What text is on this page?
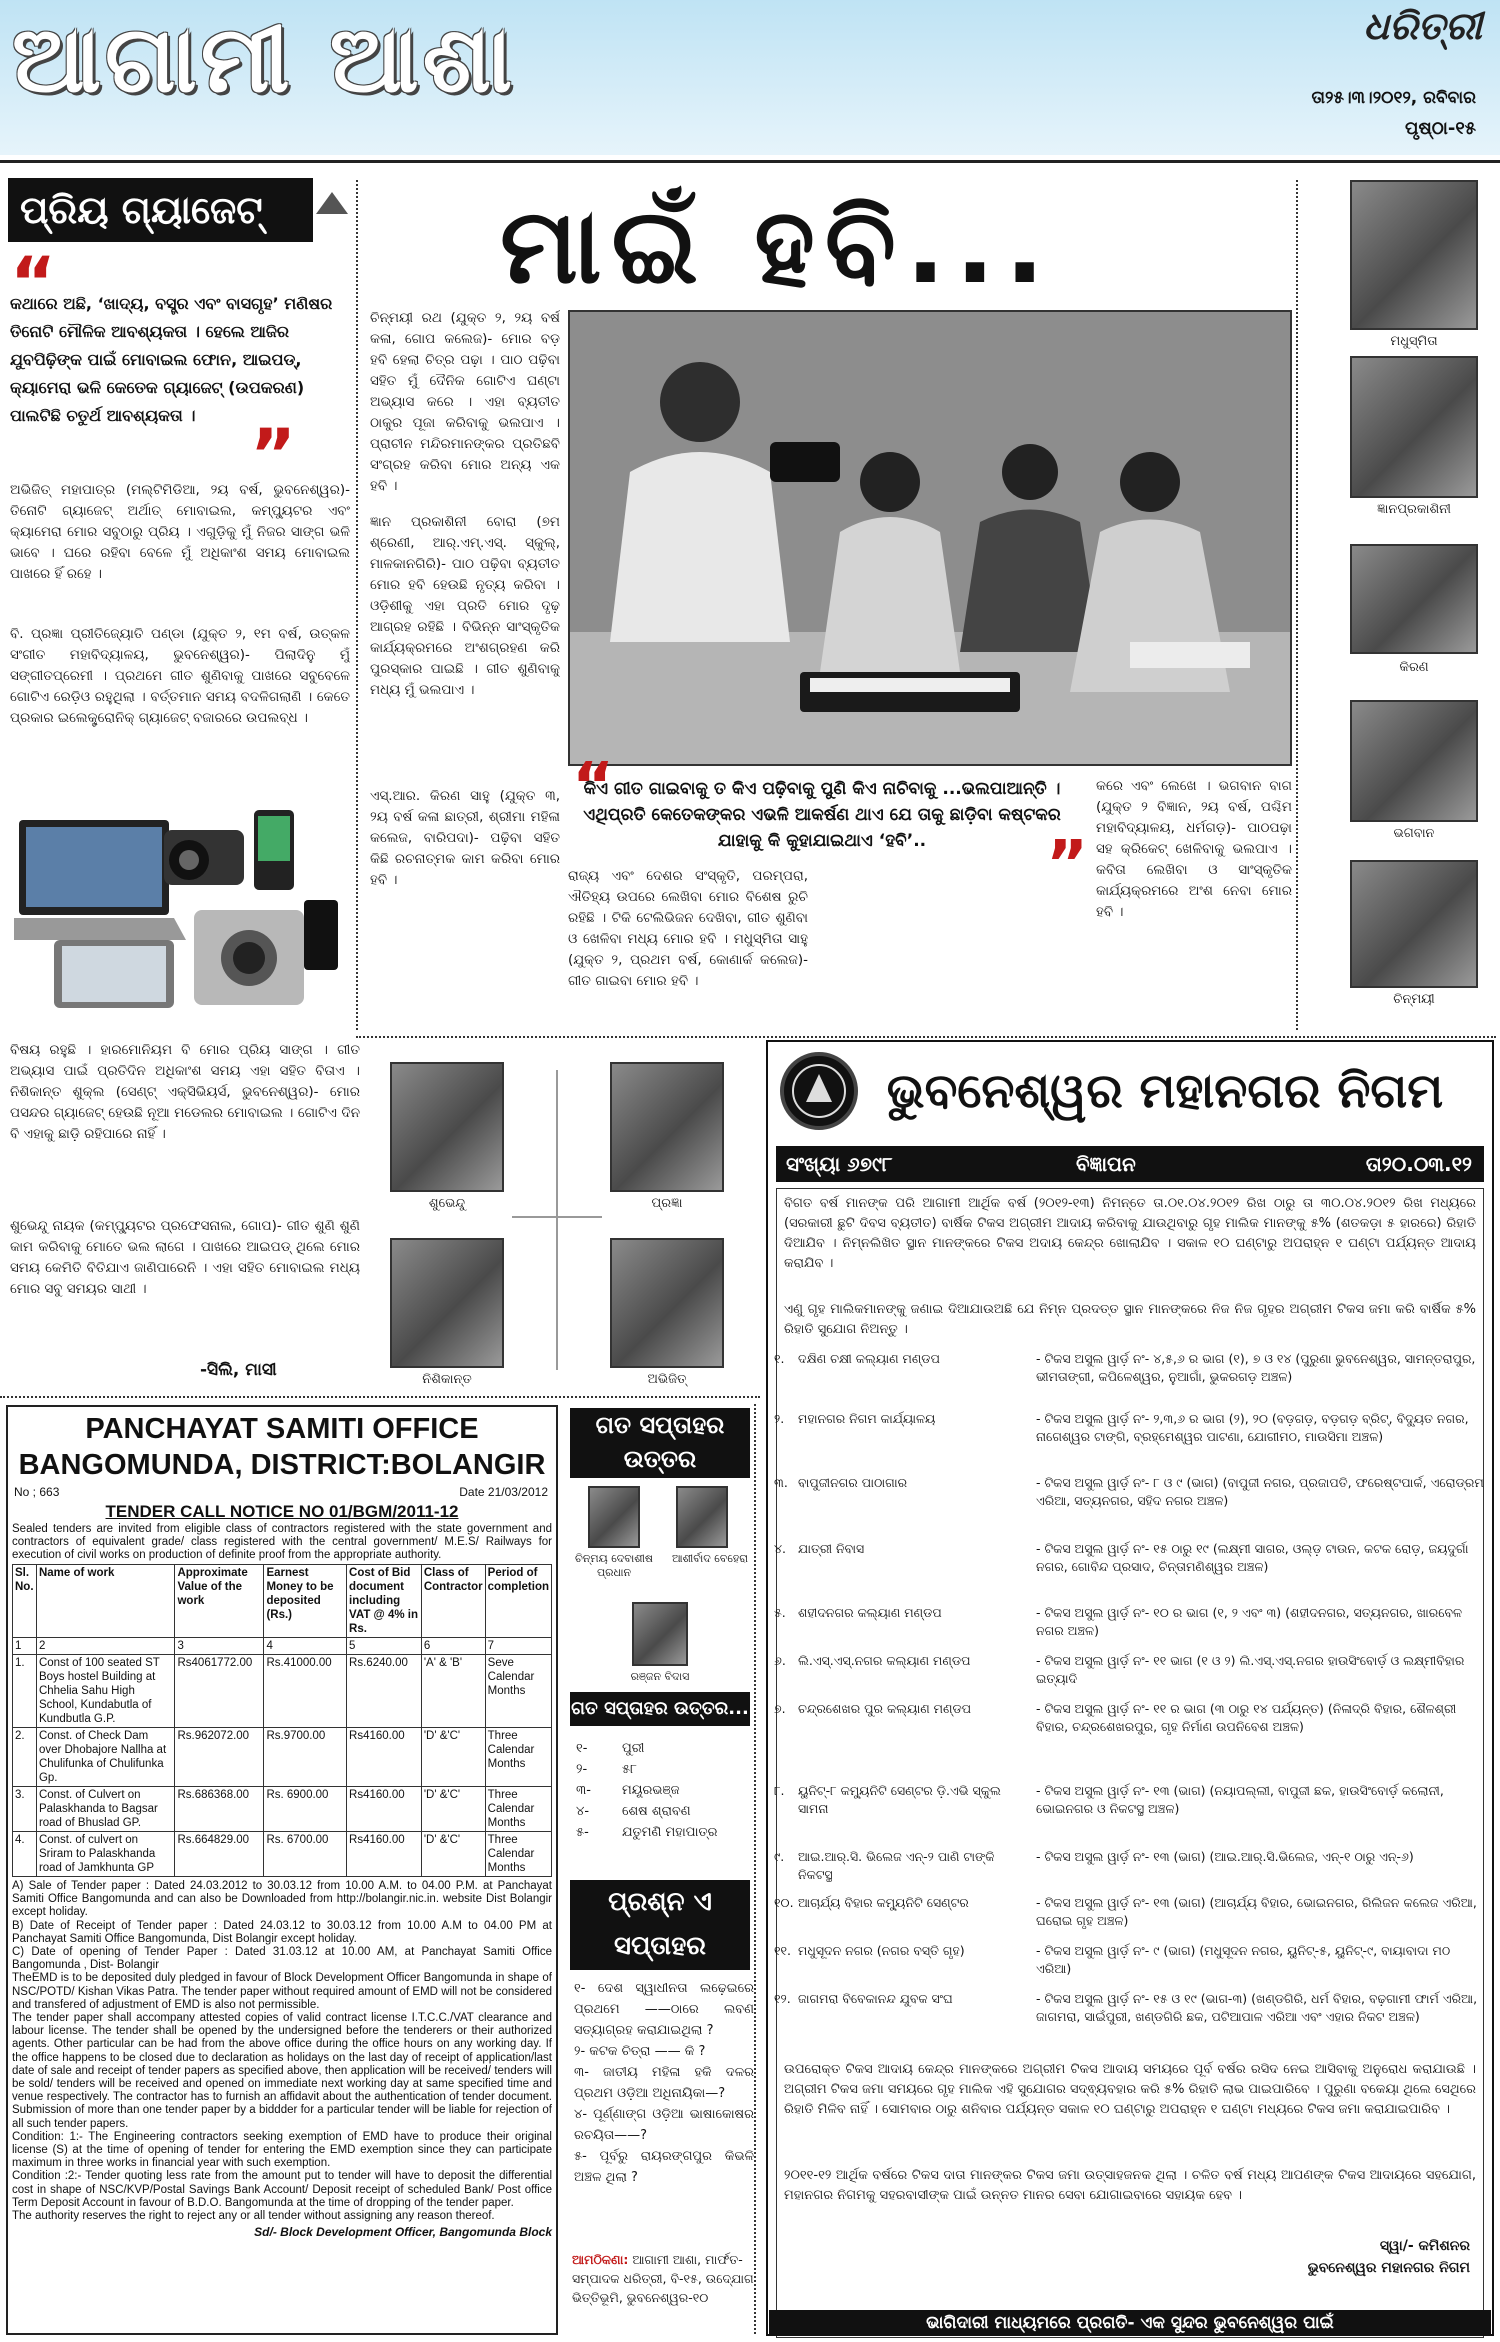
ଆଗାମୀ ଆଶା	ଧରିତ୍ରୀ
ତା୨୫।୩।୨୦୧୨, ରବିବାର
ପୃଷ୍ଠା-୧୫
ପ୍ରିୟ ଗ୍ୟାଜେଟ୍
“
କଥାରେ ଅଛି, ‘ଖାଦ୍ୟ, ବସ୍ତ୍ର ଏବଂ ବାସଗୃହ’ ମଣିଷର ତିନୋଟି ମୌଳିକ ଆବଶ୍ୟକତା । ହେଲେ ଆଜିର ଯୁବପିଢ଼ିଙ୍କ ପାଇଁ ମୋବାଇଲ ଫୋନ, ଆଇପଡ୍, କ୍ୟାମେରା ଭଳି କେତେକ ଗ୍ୟାଜେଟ୍ (ଉପକରଣ) ପାଲଟିଛି ଚତୁର୍ଥ ଆବଶ୍ୟକତା । ”
ଅଭିଜିତ୍ ମହାପାତ୍ର (ମଲ୍ଟିମିଡିଆ, ୨ୟ ବର୍ଷ, ଭୁବନେଶ୍ୱର)- ତିନୋଟି ଗ୍ୟାଜେଟ୍ ଅର୍ଥାତ୍ ମୋବାଇଲ, କମ୍ପ୍ୟୁଟର ଏବଂ କ୍ୟାମେରା ମୋର ସବୁଠାରୁ ପ୍ରିୟ । ଏଗୁଡ଼ିକୁ ମୁଁ ନିଜର ସାଙ୍ଗ ଭଳି ଭାବେ । ଘରେ ରହିବା ବେଳେ ମୁଁ ଅଧିକାଂଶ ସମୟ ମୋବାଇଲ ପାଖରେ ହିଁ ରହେ ।
ବି. ପ୍ରଜ୍ଞା ପ୍ରୀତିଜ୍ୟୋତି ପଣ୍ଡା (ଯୁକ୍ତ ୨, ୧ମ ବର୍ଷ, ଉତ୍କଳ ସଂଗୀତ ମହାବିଦ୍ୟାଳୟ, ଭୁବନେଶ୍ୱର)- ପିଲାଦିନୁ ମୁଁ ସଙ୍ଗୀତପ୍ରେମୀ । ପ୍ରଥମେ ଗୀତ ଶୁଣିବାକୁ ପାଖରେ ସବୁବେଳେ ଗୋଟିଏ ରେଡ଼ିଓ ରହୁଥିଲା । ବର୍ତ୍ତମାନ ସମୟ ବଦଳିଗଲାଣି । କେତେ ପ୍ରକାର ଇଲେକ୍ଟ୍ରୋନିକ୍ ଗ୍ୟାଜେଟ୍ ବଜାରରେ ଉପଲବ୍ଧ ।
ବିଷୟ ରହୁଛି । ହାରମୋନିୟମ ବି ମୋର ପ୍ରିୟ ସାଙ୍ଗ । ଗୀତ ଅଭ୍ୟାସ ପାଇଁ ପ୍ରତିଦିନ ଅଧିକାଂଶ ସମୟ ଏହା ସହିତ ବିତାଏ । ନିଶିକାନ୍ତ ଶୁକ୍ଲ (ସେଣ୍ଟ୍ ଏକ୍ସିଭିୟର୍ସ, ଭୁବନେଶ୍ୱର)- ମୋର ପସନ୍ଦର ଗ୍ୟାଜେଟ୍ ହେଉଛି ନୂଆ ମଡେଲର ମୋବାଇଲ । ଗୋଟିଏ ଦିନ ବି ଏହାକୁ ଛାଡ଼ି ରହିପାରେ ନାହିଁ ।
ଶୁଭେନ୍ଦୁ ନାୟକ (କମ୍ପ୍ୟୁଟର ପ୍ରଫେସନାଲ, ଗୋପ)- ଗୀତ ଶୁଣି ଶୁଣି କାମ କରିବାକୁ ମୋତେ ଭଲ ଲାଗେ । ପାଖରେ ଆଇପଡ୍ ଥିଲେ ମୋର ସମୟ କେମିତି ବିତିଯାଏ ଜାଣିପାରେନି । ଏହା ସହିତ ମୋବାଇଲ ମଧ୍ୟ ମୋର ସବୁ ସମୟର ସାଥୀ ।
-ସିଲି, ମାସୀ
ଶୁଭେନ୍ଦୁ	ପ୍ରଜ୍ଞା
ନିଶିକାନ୍ତ	ଅଭିଜିତ୍
ମାଇଁ ହବି...
ଚିନ୍ମୟୀ ରଥ (ଯୁକ୍ତ ୨, ୨ୟ ବର୍ଷ କଳା, ଗୋପ କଲେଜ)- ମୋର ବଡ଼ ହବି ହେଲା ଚିତ୍ର ପଢ଼ା । ପାଠ ପଢ଼ିବା ସହିତ ମୁଁ ଦୈନିକ ଗୋଟିଏ ଘଣ୍ଟା ଅଭ୍ୟାସ କରେ । ଏହା ବ୍ୟତୀତ ଠାକୁର ପୂଜା କରିବାକୁ ଭଲପାଏ । ପ୍ରାଚୀନ ମନ୍ଦିରମାନଙ୍କର ପ୍ରତିଛବି ସଂଗ୍ରହ କରିବା ମୋର ଅନ୍ୟ ଏକ ହବି ।
ଜ୍ଞାନ ପ୍ରକାଶିନୀ ବୋରା (୭ମ ଶ୍ରେଣୀ, ଆର୍.ଏମ୍.ଏସ୍. ସ୍କୁଲ୍, ମାଳକାନଗିରି)- ପାଠ ପଢ଼ିବା ବ୍ୟତୀତ ମୋର ହବି ହେଉଛି ନୃତ୍ୟ କରିବା । ଓଡ଼ିଶୀକୁ ଏହା ପ୍ରତି ମୋର ଦୃଢ଼ ଆଗ୍ରହ ରହିଛି । ବିଭିନ୍ନ ସାଂସ୍କୃତିକ କାର୍ଯ୍ୟକ୍ରମରେ ଅଂଶଗ୍ରହଣ କରି ପୁରସ୍କାର ପାଇଛି । ଗୀତ ଶୁଣିବାକୁ ମଧ୍ୟ ମୁଁ ଭଲପାଏ ।
ଏସ୍.ଆର. କିରଣ ସାହୁ (ଯୁକ୍ତ ୩, ୨ୟ ବର୍ଷ କଳା ଛାତ୍ରୀ, ଶ୍ରୀମା ମହିଳା କଲେଜ, ବାରିପଦା)- ପଢ଼ିବା ସହିତ କିଛି ରଚନାତ୍ମକ କାମ କରିବା ମୋର ହବି ।
“
କିଏ ଗୀତ ଗାଇବାକୁ ତ କିଏ ପଢ଼ିବାକୁ ପୁଣି କିଏ ନାଚିବାକୁ ...ଭଲପାଆନ୍ତି । ଏଥିପ୍ରତି କେତେକଙ୍କର ଏଭଳି ଆକର୍ଷଣ ଥାଏ ଯେ ତାକୁ ଛାଡ଼ିବା କଷ୍ଟକର ଯାହାକୁ କି କୁହାଯାଇଥାଏ ‘ହବି’..	”
ରାଜ୍ୟ ଏବଂ ଦେଶର ସଂସ୍କୃତି, ପରମ୍ପରା, ଐତିହ୍ୟ ଉପରେ ଲେଖିବା ମୋର ବିଶେଷ ରୁଚି ରହିଛି । ଟିକି ଟେଲିଭିଜନ ଦେଖିବା, ଗୀତ ଶୁଣିବା ଓ ଖେଳିବା ମଧ୍ୟ ମୋର ହବି । ମଧୁସ୍ମିତା ସାହୁ (ଯୁକ୍ତ ୨, ପ୍ରଥମ ବର୍ଷ, କୋଣାର୍କ କଲେଜ)- ଗୀତ ଗାଇବା ମୋର ହବି ।
କରେ ଏବଂ ଲେଖେ । ଭଗବାନ ବାଗ (ଯୁକ୍ତ ୨ ବିଜ୍ଞାନ, ୨ୟ ବର୍ଷ, ପଶ୍ଚିମ ମହାବିଦ୍ୟାଳୟ, ଧର୍ମଗଡ଼)- ପାଠପଢ଼ା ସହ କ୍ରିକେଟ୍ ଖେଳିବାକୁ ଭଲପାଏ । କବିତା ଲେଖିବା ଓ ସାଂସ୍କୃତିକ କାର୍ଯ୍ୟକ୍ରମରେ ଅଂଶ ନେବା ମୋର ହବି ।
ମଧୁସ୍ମିତା
ଜ୍ଞାନପ୍ରକାଶିନୀ
କିରଣ
ଭଗବାନ
ଚିନ୍ମୟୀ
PANCHAYAT SAMITI OFFICE
BANGOMUNDA, DISTRICT:BOLANGIR
No ; 663	Date 21/03/2012
TENDER CALL NOTICE NO 01/BGM/2011-12
Sealed tenders are invited from eligible class of contractors registered with the state government and contractors of equivalent grade/ class registered with the central government/ M.E.S/ Railways for execution of civil works on production of definite proof from the appropriate authority.
Sl. No.	Name of work	Approximate Value of the work	Earnest Money to be deposited (Rs.)	Cost of Bid document including VAT @ 4% in Rs.	Class of Contractor	Period of completion
1	2	3	4	5	6	7
1.	Const of 100 seated ST Boys hostel Building at Chhelia Sahu High School, Kundabutla of Kundbutla G.P.	Rs4061772.00	Rs.41000.00	Rs.6240.00	'A' & 'B'	Seve Calendar Months
2.	Const. of Check Dam over Dhobajore Nallha at Chulifunka of Chulifunka Gp.	Rs.962072.00	Rs.9700.00	Rs4160.00	'D' &'C'	Three Calendar Months
3.	Const. of Culvert on Palaskhanda to Bagsar road of Bhuslad GP.	Rs.686368.00	Rs. 6900.00	Rs4160.00	'D' &'C'	Three Calendar Months
4.	Const. of culvert on Sriram to Palaskhanda road of Jamkhunta GP	Rs.664829.00	Rs. 6700.00	Rs4160.00	'D' &'C'	Three Calendar Months
A) Sale of Tender paper : Dated 24.03.2012 to 30.03.12 from 10.00 A.M. to 04.00 P.M. at Panchayat Samiti Office Bangomunda and can also be Downloaded from http://bolangir.nic.in. website Dist Bolangir except holiday.
B) Date of Receipt of Tender paper : Dated 24.03.12 to 30.03.12 from 10.00 A.M to 04.00 PM at Panchayat Samiti Office Bangomunda, Dist Bolangir except holiday.
C) Date of opening of Tender Paper : Dated 31.03.12 at 10.00 AM, at Panchayat Samiti Office Bangomunda , Dist- Bolangir
TheEMD is to be deposited duly pledged in favour of Block Development Officer Bangomunda in shape of NSC/POTD/ Kishan Vikas Patra. The tender paper without required amount of EMD will not be considered and transfered of adjustment of EMD is also not permissible.
The tender paper shall accompany attested copies of valid contract license I.T.C.C./VAT clearance and labour license. The tender shall be opened by the undersigned before the tenderers or their authorized agents. Other particular can be had from the above office during the office hours on any working day. If the office happens to be closed due to declaration as holidays on the last day of receipt of application/last date of sale and receipt of tender papers as specified above, then application will be received/ tenders will be sold/ tenders will be received and opened on immediate next working day at same specified time and venue respectively. The contractor has to furnish an affidavit about the authentication of tender document. Submission of more than one tender paper by a biddder for a particular tender will be liable for rejection of all such tender papers.
Condition: 1:- The Engineering contractors seeking exemption of EMD have to produce their original license (S) at the time of opening of tender for entering the EMD exemption since they can participate maximum in three works in financial year with such exemption.
Condition :2:- Tender quoting less rate from the amount put to tender will have to deposit the differential cost in shape of NSC/KVP/Postal Savings Bank Account/ Deposit receipt of scheduled Bank/ Post office Term Deposit Account in favour of B.D.O. Bangomunda at the time of dropping of the tender paper.
The authority reserves the right to reject any or all tender without assigning any reason thereof.
Sd/- Block Development Officer, Bangomunda Block
ଗତ ସପ୍ତାହର ଉତ୍ତର
ଚିନ୍ମୟ ଦେବାଶୀଷ ପ୍ରଧାନ
ଆଶୀର୍ବାଦ ବେହେରା
ରଞ୍ଜନ ବିଦାସ
ଗତ ସପ୍ତାହର ଉତ୍ତର...
୧-	ପୁରୀ
୨-	୫୮
୩- ମୟୂରଭଞ୍ଜ
୪-	ଶେଷ ଶ୍ରାବଣ
୫-	ଯତୁମଣି ମହାପାତ୍ର
ପ୍ରଶ୍ନ ଏ ସପ୍ତାହର
୧- ଦେଶ ସ୍ୱାଧୀନତା ଲଢ଼େଇରେ ପ୍ରଥମେ ——ଠାରେ ଲବଣ ସତ୍ୟାଗ୍ରହ କରାଯାଇଥିଲା ?
୨- କଟକ ଚିତ୍ରା —— କି ?
୩- ଜାତୀୟ ମହିଳା ହକି ଦଳର ପ୍ରଥମ ଓଡ଼ିଆ ଅଧିନାୟିକା—?
୪- ପୂର୍ଣ୍ଣାଙ୍ଗ ଓଡ଼ିଆ ଭାଷାକୋଷର ରଚୟିତା——?
୫- ପୂର୍ବରୁ ରାୟରଙ୍ଗପୁର କିଭଳି ଅଞ୍ଚଳ ଥିଲା ?
ଆମଠିକଣା: ଆଗାମୀ ଆଶା, ମାର୍ଫତ- ସମ୍ପାଦକ ଧରିତ୍ରୀ, ବି-୧୫, ଉଦ୍ଯୋଗ ଭିତ୍ତିଭୂମି, ଭୁବନେଶ୍ୱର-୧୦
ଭୁବନେଶ୍ୱର ମହାନଗର ନିଗମ
ସଂଖ୍ୟା ୬୭୯୮	ବିଜ୍ଞାପନ	ତା୨୦.୦୩.୧୨
ବିଗତ ବର୍ଷ ମାନଙ୍କ ପରି ଆଗାମୀ ଆର୍ଥିକ ବର୍ଷ (୨୦୧୨-୧୩) ନିମନ୍ତେ ତା.୦୧.୦୪.୨୦୧୨ ରିଖ ଠାରୁ ତା ୩୦.୦୪.୨୦୧୨ ରିଖ ମଧ୍ୟରେ (ସରକାରୀ ଛୁଟି ଦିବସ ବ୍ୟତୀତ) ବାର୍ଷିକ ଟିକସ ଅଗ୍ରୀମ ଆଦାୟ କରିବାକୁ ଯାଉଥିବାରୁ ଗୃହ ମାଲିକ ମାନଙ୍କୁ ୫% (ଶତକଡ଼ା ୫ ହାରରେ) ରିହାତି ଦିଆଯିବ । ନିମ୍ନଲିଖିତ ସ୍ଥାନ ମାନଙ୍କରେ ଟିକସ ଅଦାୟ କେନ୍ଦ୍ର ଖୋଲାଯିବ । ସକାଳ ୧୦ ଘଣ୍ଟାରୁ ଅପରାହ୍ନ ୧ ଘଣ୍ଟା ପର୍ଯ୍ୟନ୍ତ ଆଦାୟ କରାଯିବ ।
ଏଣୁ ଗୃହ ମାଲିକମାନଙ୍କୁ ଜଣାଇ ଦିଆଯାଉଅଛି ଯେ ନିମ୍ନ ପ୍ରଦତ୍ତ ସ୍ଥାନ ମାନଙ୍କରେ ନିଜ ନିଜ ଗୃହର ଅଗ୍ରୀମ ଟିକସ ଜମା କରି ବାର୍ଷିକ ୫% ରିହାତି ସୁଯୋଗ ନିଅନ୍ତୁ ।
୧.	ଦକ୍ଷିଣ ଚକ୍ଷୀ କଲ୍ୟାଣ ମଣ୍ଡପ	- ଟିକସ ଅସୁଲ ୱାର୍ଡ଼ ନଂ- ୪,୫,୬ ର ଭାଗ (୧), ୭ ଓ ୧୪ (ପୁରୁଣା ଭୁବନେଶ୍ୱର, ସାମନ୍ତରାପୁର, ଭୀମତାଙ୍ଗୀ, କପିଳେଶ୍ୱର, ନୁଆଗାଁ, ଭୁକରଗଡ଼ ଅଞ୍ଚଳ)
୨.	ମହାନଗର ନିଗମ କାର୍ଯ୍ୟାଳୟ	- ଟିକସ ଅସୁଲ ୱାର୍ଡ଼ ନଂ- ୨,୩,୬ ର ଭାଗ (୨), ୨୦ (ବଡ଼ଗଡ଼, ବଡ଼ଗଡ଼ ବ୍ରିଟ୍, ବିଦ୍ୟୁତ ନଗର, ନାଗେଶ୍ୱର ଟାଙ୍ଗି, ବ୍ରହ୍ମେଶ୍ୱର ପାଟଣା, ଯୋଗୀମଠ, ମାଉସିମା ଅଞ୍ଚଳ)
୩. ବାପୁଜୀନଗର ପାଠାଗାର	- ଟିକସ ଅସୁଲ ୱାର୍ଡ଼ ନଂ- ୮ ଓ ୯ (ଭାଗ) (ବାପୁଜୀ ନଗର, ପ୍ରଜାପତି, ଫରେଷ୍ଟପାର୍କ, ଏରୋଡ୍ରମ ଏରିଆ, ସତ୍ୟନଗର, ସହିଦ ନଗର ଅଞ୍ଚଳ)
୪. ଯାତ୍ରୀ ନିବାସ	- ଟିକସ ଅସୁଲ ୱାର୍ଡ଼ ନଂ- ୧୫ ଠାରୁ ୧୯ (ଲକ୍ଷ୍ମୀ ସାଗର, ଓଲ୍ଡ଼ ଟାଉନ, କଟକ ରୋଡ଼, ଜୟଦୁର୍ଗା ନଗର, ଗୋବିନ୍ଦ ପ୍ରସାଦ, ଚିନ୍ତାମଣିଶ୍ୱର ଅଞ୍ଚଳ)
୫. ଶହୀଦନଗର କଲ୍ୟାଣ ମଣ୍ଡପ	- ଟିକସ ଅସୁଲ ୱାର୍ଡ଼ ନଂ- ୧୦ ର ଭାଗ (୧, ୨ ଏବଂ ୩) (ଶହୀଦନଗର, ସତ୍ୟନଗର, ଖାରବେଳ ନଗର ଅଞ୍ଚଳ)
୬. ଲି.ଏସ୍.ଏସ୍.ନଗର କଲ୍ୟାଣ ମଣ୍ଡପ	- ଟିକସ ଅସୁଲ ୱାର୍ଡ଼ ନଂ- ୧୧ ଭାଗ (୧ ଓ ୨) ଲି.ଏସ୍.ଏସ୍.ନଗର ହାଉସିଂବୋର୍ଡ଼ ଓ ଲକ୍ଷ୍ମୀବିହାର ଇତ୍ୟାଦି
୭. ଚନ୍ଦ୍ରଶେଖର ପୁର କଲ୍ୟାଣ ମଣ୍ଡପ	- ଟିକସ ଅସୁଲ ୱାର୍ଡ଼ ନଂ- ୧୧ ର ଭାଗ (୩ ଠାରୁ ୧୪ ପର୍ଯ୍ୟନ୍ତ) (ନିଳାଦ୍ରି ବିହାର, ଶୈଳଶ୍ରୀ ବିହାର, ଚନ୍ଦ୍ରଶେଖରପୁର, ଗୃହ ନିର୍ମାଣ ଉପନିବେଶ ଅଞ୍ଚଳ)
୮.	ୟୁନିଟ୍-୮ କମ୍ୟୁନିଟି ସେଣ୍ଟର ଡ଼ି.ଏଭି ସ୍କୁଲ ସାମନା
- ଟିକସ ଅସୁଲ ୱାର୍ଡ଼ ନଂ- ୧୩ (ଭାଗ) (ନୟାପଲ୍ଲୀ, ବାପୁଜୀ ଛକ, ହାଉସିଂବୋର୍ଡ଼ କଲୋନୀ, ଭୋଇନଗର ଓ ନିକଟସ୍ଥ ଅଞ୍ଚଳ)
୯.	ଆଇ.ଆର୍.ସି. ଭିଲେଜ ଏନ୍-୨ ପାଣି ଟାଙ୍କି ନିକଟସ୍ଥ
- ଟିକସ ଅସୁଲ ୱାର୍ଡ଼ ନଂ- ୧୩ (ଭାଗ) (ଆଇ.ଆର୍.ସି.ଭିଲେଜ, ଏନ୍-୧ ଠାରୁ ଏନ୍-୬)
୧୦. ଆଚାର୍ଯ୍ୟ ବିହାର କମ୍ୟୁନିଟି ସେଣ୍ଟର	- ଟିକସ ଅସୁଲ ୱାର୍ଡ଼ ନଂ- ୧୩ (ଭାଗ) (ଆଚାର୍ଯ୍ୟ ବିହାର, ଭୋଇନଗର, ରିଲିଜନ କଲେଜ ଏରିଆ, ଘରୋଇ ଗୃହ ଅଞ୍ଚଳ)
୧୧. ମଧୁସୂଦନ ନଗର (ନଗର ବସ୍ତି ଗୃହ)	- ଟିକସ ଅସୁଲ ୱାର୍ଡ଼ ନଂ- ୯ (ଭାଗ) (ମଧୁସୂଦନ ନଗର, ୟୁନିଟ୍-୫, ୟୁନିଟ୍-୯, ବାୟାବାଦା ମଠ ଏରିଆ)
୧୨. ଜାଗମରା ବିବେକାନନ୍ଦ ଯୁବକ ସଂଘ	- ଟିକସ ଅସୁଲ ୱାର୍ଡ଼ ନଂ- ୧୫ ଓ ୧୯ (ଭାଗ-୩) (ଖଣ୍ଡଗିରି, ଧର୍ମ ବିହାର, ବଢ଼ଗାମୀ ଫାର୍ମ ଏରିଆ, ଜାଗମରା, ସାଇଁପୁରୀ, ଖଣ୍ଡଗିରି ଛକ, ପଟିଆପାଳ ଏରିଆ ଏବଂ ଏହାର ନିକଟ ଅଞ୍ଚଳ)
ଉପରୋକ୍ତ ଟିକସ ଆଦାୟ କେନ୍ଦ୍ର ମାନଙ୍କରେ ଅଗ୍ରୀମ ଟିକସ ଆଦାୟ ସମୟରେ ପୂର୍ବ ବର୍ଷର ରସିଦ ନେଇ ଆସିବାକୁ ଅନୁରୋଧ କରାଯାଉଛି । ଅଗ୍ରୀମ ଟିକସ ଜମା ସମୟରେ ଗୃହ ମାଲିକ ଏହି ସୁଯୋଗର ସଦ୍ଵ୍ୟବହାର କରି ୫% ରିହାତି ଲାଭ ପାଇପାରିବେ । ପୁରୁଣା ବକେୟା ଥିଲେ ସେଥିରେ ରିହାତି ମିଳିବ ନାହିଁ । ସୋମବାର ଠାରୁ ଶନିବାର ପର୍ଯ୍ୟନ୍ତ ସକାଳ ୧୦ ଘଣ୍ଟାରୁ ଅପରାହ୍ନ ୧ ଘଣ୍ଟା ମଧ୍ୟରେ ଟିକସ ଜମା କରାଯାଇପାରିବ ।
୨୦୧୧-୧୨ ଆର୍ଥିକ ବର୍ଷରେ ଟିକସ ଦାତା ମାନଙ୍କର ଟିକସ ଜମା ଉତ୍ସାହଜନକ ଥିଲା । ଚଳିତ ବର୍ଷ ମଧ୍ୟ ଆପଣଙ୍କ ଟିକସ ଆଦାୟରେ ସହଯୋଗ, ମହାନଗର ନିଗମକୁ ସହରବାସୀଙ୍କ ପାଇଁ ଉନ୍ନତ ମାନର ସେବା ଯୋଗାଇବାରେ ସହାୟକ ହେବ ।
ସ୍ୱା/- କମିଶନର
ଭୁବନେଶ୍ୱର ମହାନଗର ନିଗମ
ଭାଗିଦାରୀ ମାଧ୍ୟମରେ ପ୍ରଗତି- ଏକ ସୁନ୍ଦର ଭୁବନେଶ୍ୱର ପାଇଁ
